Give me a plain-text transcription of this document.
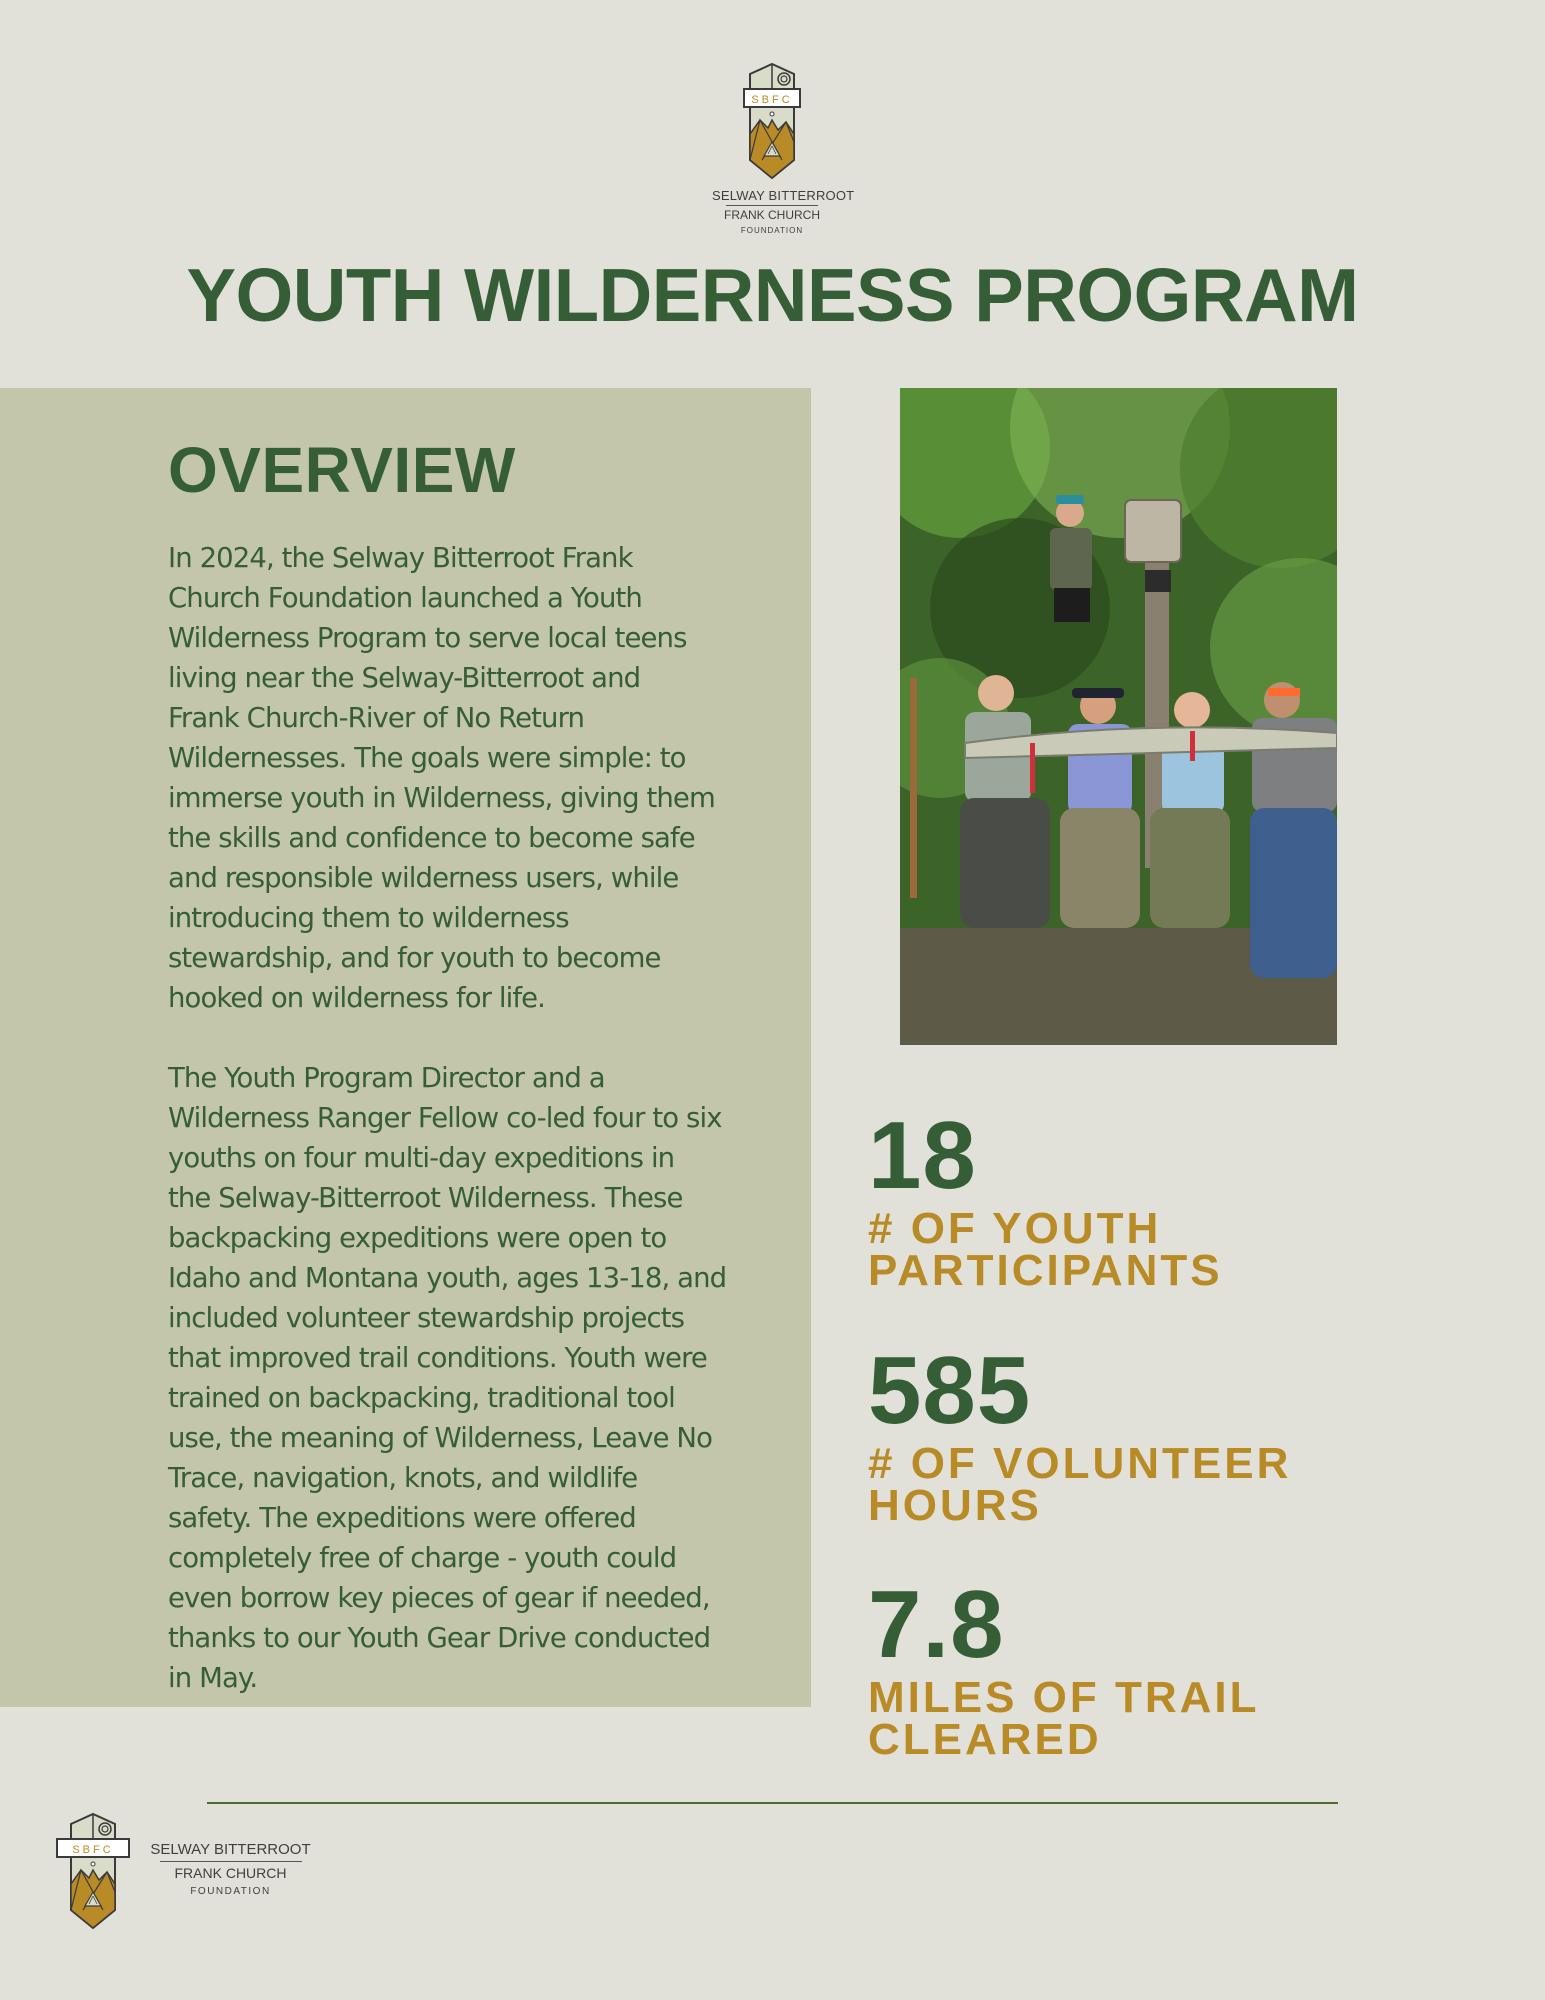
SBFC
SELWAY BITTERROOT
FRANK CHURCH
FOUNDATION
YOUTH WILDERNESS PROGRAM
OVERVIEW

In 2024, the Selway Bitterroot Frank
Church Foundation launched a Youth
Wilderness Program to serve local teens
living near the Selway-Bitterroot and
Frank Church-River of No Return
Wildernesses. The goals were simple: to
immerse youth in Wilderness, giving them
the skills and confidence to become safe
and responsible wilderness users, while
introducing them to wilderness
stewardship, and for youth to become
hooked on wilderness for life.

The Youth Program Director and a
Wilderness Ranger Fellow co-led four to six
youths on four multi-day expeditions in
the Selway-Bitterroot Wilderness. These
backpacking expeditions were open to
Idaho and Montana youth, ages 13-18, and
included volunteer stewardship projects
that improved trail conditions. Youth were
trained on backpacking, traditional tool
use, the meaning of Wilderness, Leave No
Trace, navigation, knots, and wildlife
safety. The expeditions were offered
completely free of charge - youth could
even borrow key pieces of gear if needed,
thanks to our Youth Gear Drive conducted
in May.

18
# OF YOUTH
PARTICIPANTS
585
# OF VOLUNTEER
HOURS
7.8
MILES OF TRAIL
CLEARED
SBFC SELWAY BITTERROOT
FRANK CHURCH
FOUNDATION
